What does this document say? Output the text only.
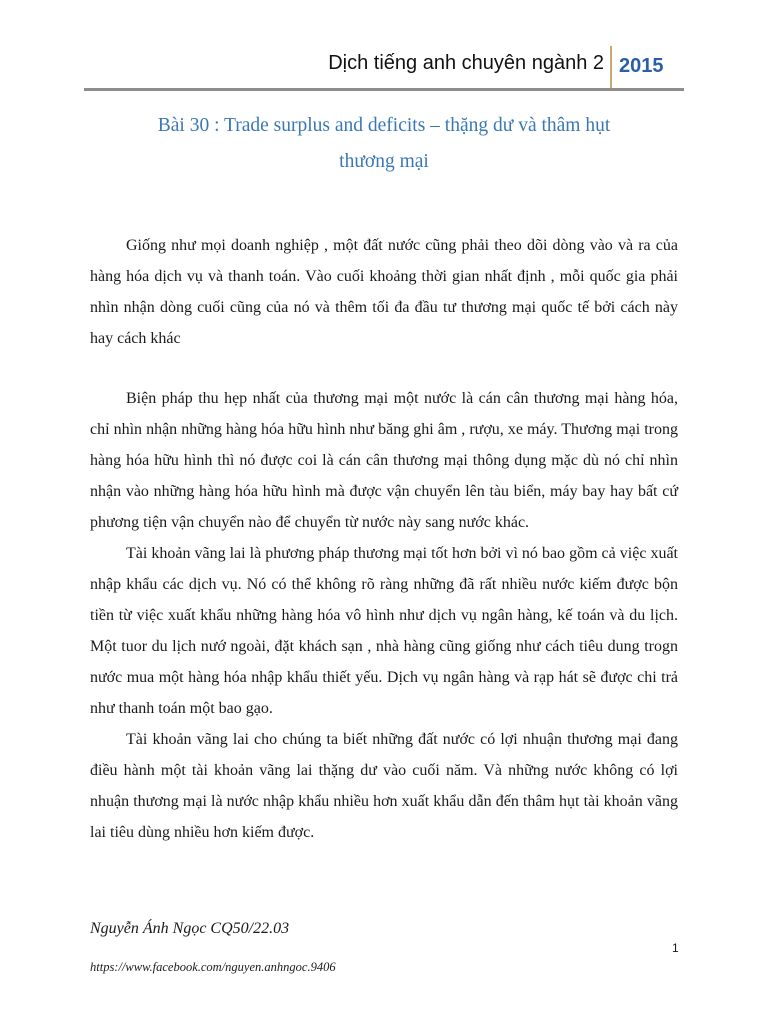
Dịch tiếng anh chuyên ngành 2 2015
Bài 30 : Trade surplus and deficits – thặng dư và thâm hụt
thương mại

Giống như mọi doanh nghiệp , một đất nước cũng phải theo dõi dòng vào và ra của hàng hóa dịch vụ và thanh toán. Vào cuối khoảng thời gian nhất định , mỗi quốc gia phải nhìn nhận dòng cuối cũng của nó và thêm tối đa đầu tư thương mại quốc tế bởi cách này hay cách khác

Biện pháp thu hẹp nhất của thương mại một nước là cán cân thương mại hàng hóa, chỉ nhìn nhận những hàng hóa hữu hình như băng ghi âm , rượu, xe máy. Thương mại trong hàng hóa hữu hình thì nó được coi là cán cân thương mại thông dụng mặc dù nó chỉ nhìn nhận vào những hàng hóa hữu hình mà được vận chuyển lên tàu biển, máy bay hay bất cứ phương tiện vận chuyển nào để chuyển từ nước này sang nước khác.

Tài khoản vãng lai là phương pháp thương mại tốt hơn bởi vì nó bao gồm cả việc xuất nhập khẩu các dịch vụ. Nó có thể không rõ ràng những đã rất nhiều nước kiếm được bộn tiền từ việc xuất khẩu những hàng hóa vô hình như dịch vụ ngân hàng, kế toán và du lịch. Một tuor du lịch nướ ngoài, đặt khách sạn , nhà hàng cũng giống như cách tiêu dung trogn nước mua một hàng hóa nhập khẩu thiết yếu. Dịch vụ ngân hàng và rạp hát sẽ được chi trả như thanh toán một bao gạo.

Tài khoản vãng lai cho chúng ta biết những đất nước có lợi nhuận thương mại đang điều hành một tài khoản vãng lai thặng dư vào cuối năm. Và những nước không có lợi nhuận thương mại là nước nhập khẩu nhiều hơn xuất khẩu dẫn đến thâm hụt tài khoản vãng lai tiêu dùng nhiều hơn kiếm được.

Nguyễn Ánh Ngọc CQ50/22.03
1
https://www.facebook.com/nguyen.anhngoc.9406
